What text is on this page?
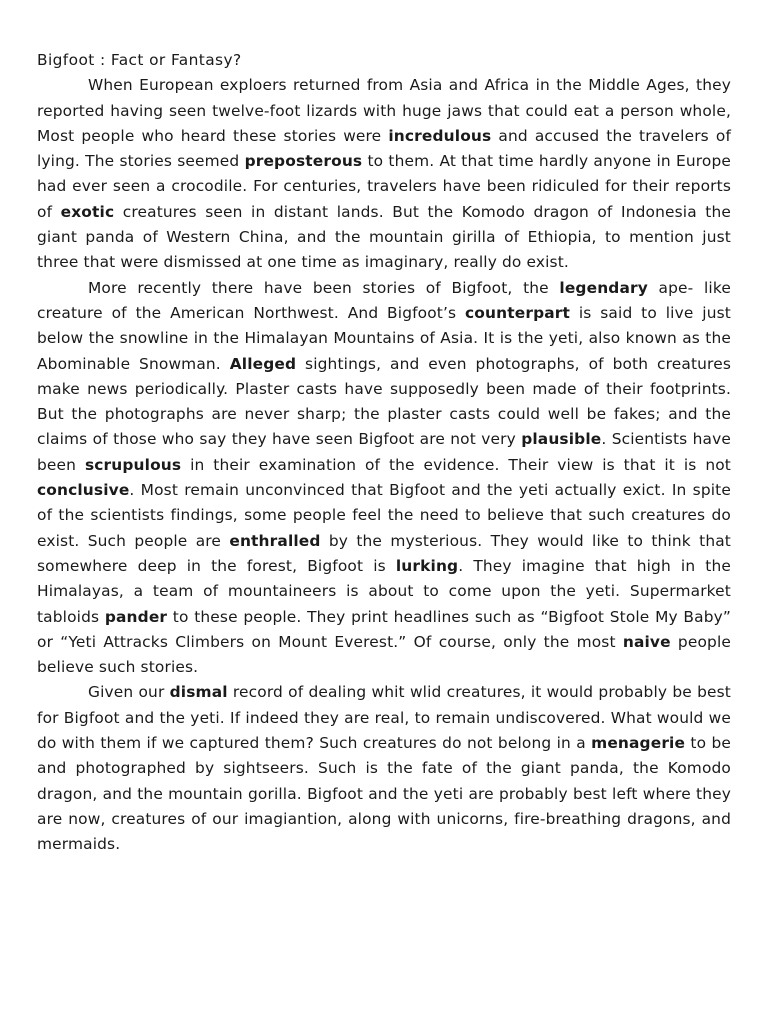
Bigfoot : Fact or Fantasy?

When European exploers returned from Asia and Africa in the Middle Ages, they reported having seen twelve-foot lizards with huge jaws that could eat a person whole, Most people who heard these stories were incredulous and accused the travelers of lying. The stories seemed preposterous to them. At that time hardly anyone in Europe had ever seen a crocodile. For centuries, travelers have been ridiculed for their reports of exotic creatures seen in distant lands. But the Komodo dragon of Indonesia the giant panda of Western China, and the mountain girilla of Ethiopia, to mention just three that were dismissed at one time as imaginary, really do exist.

More recently there have been stories of Bigfoot, the legendary ape- like creature of the American Northwest. And Bigfoot’s counterpart is said to live just below the snowline in the Himalayan Mountains of Asia. It is the yeti, also known as the Abominable Snowman. Alleged sightings, and even photographs, of both creatures make news periodically. Plaster casts have supposedly been made of their footprints. But the photographs are never sharp; the plaster casts could well be fakes; and the claims of those who say they have seen Bigfoot are not very plausible. Scientists have been scrupulous in their examination of the evidence. Their view is that it is not conclusive. Most remain unconvinced that Bigfoot and the yeti actually exict. In spite of the scientists findings, some people feel the need to believe that such creatures do exist. Such people are enthralled by the mysterious. They would like to think that somewhere deep in the forest, Bigfoot is lurking. They imagine that high in the Himalayas, a team of mountaineers is about to come upon the yeti. Supermarket tabloids pander to these people. They print headlines such as “Bigfoot Stole My Baby” or “Yeti Attracks Climbers on Mount Everest.” Of course, only the most naive people believe such stories.

Given our dismal record of dealing whit wlid creatures, it would probably be best for Bigfoot and the yeti. If indeed they are real, to remain undiscovered. What would we do with them if we captured them? Such creatures do not belong in a menagerie to be and photographed by sightseers. Such is the fate of the giant panda, the Komodo dragon, and the mountain gorilla. Bigfoot and the yeti are probably best left where they are now, creatures of our imagiantion, along with unicorns, fire-breathing dragons, and mermaids.
